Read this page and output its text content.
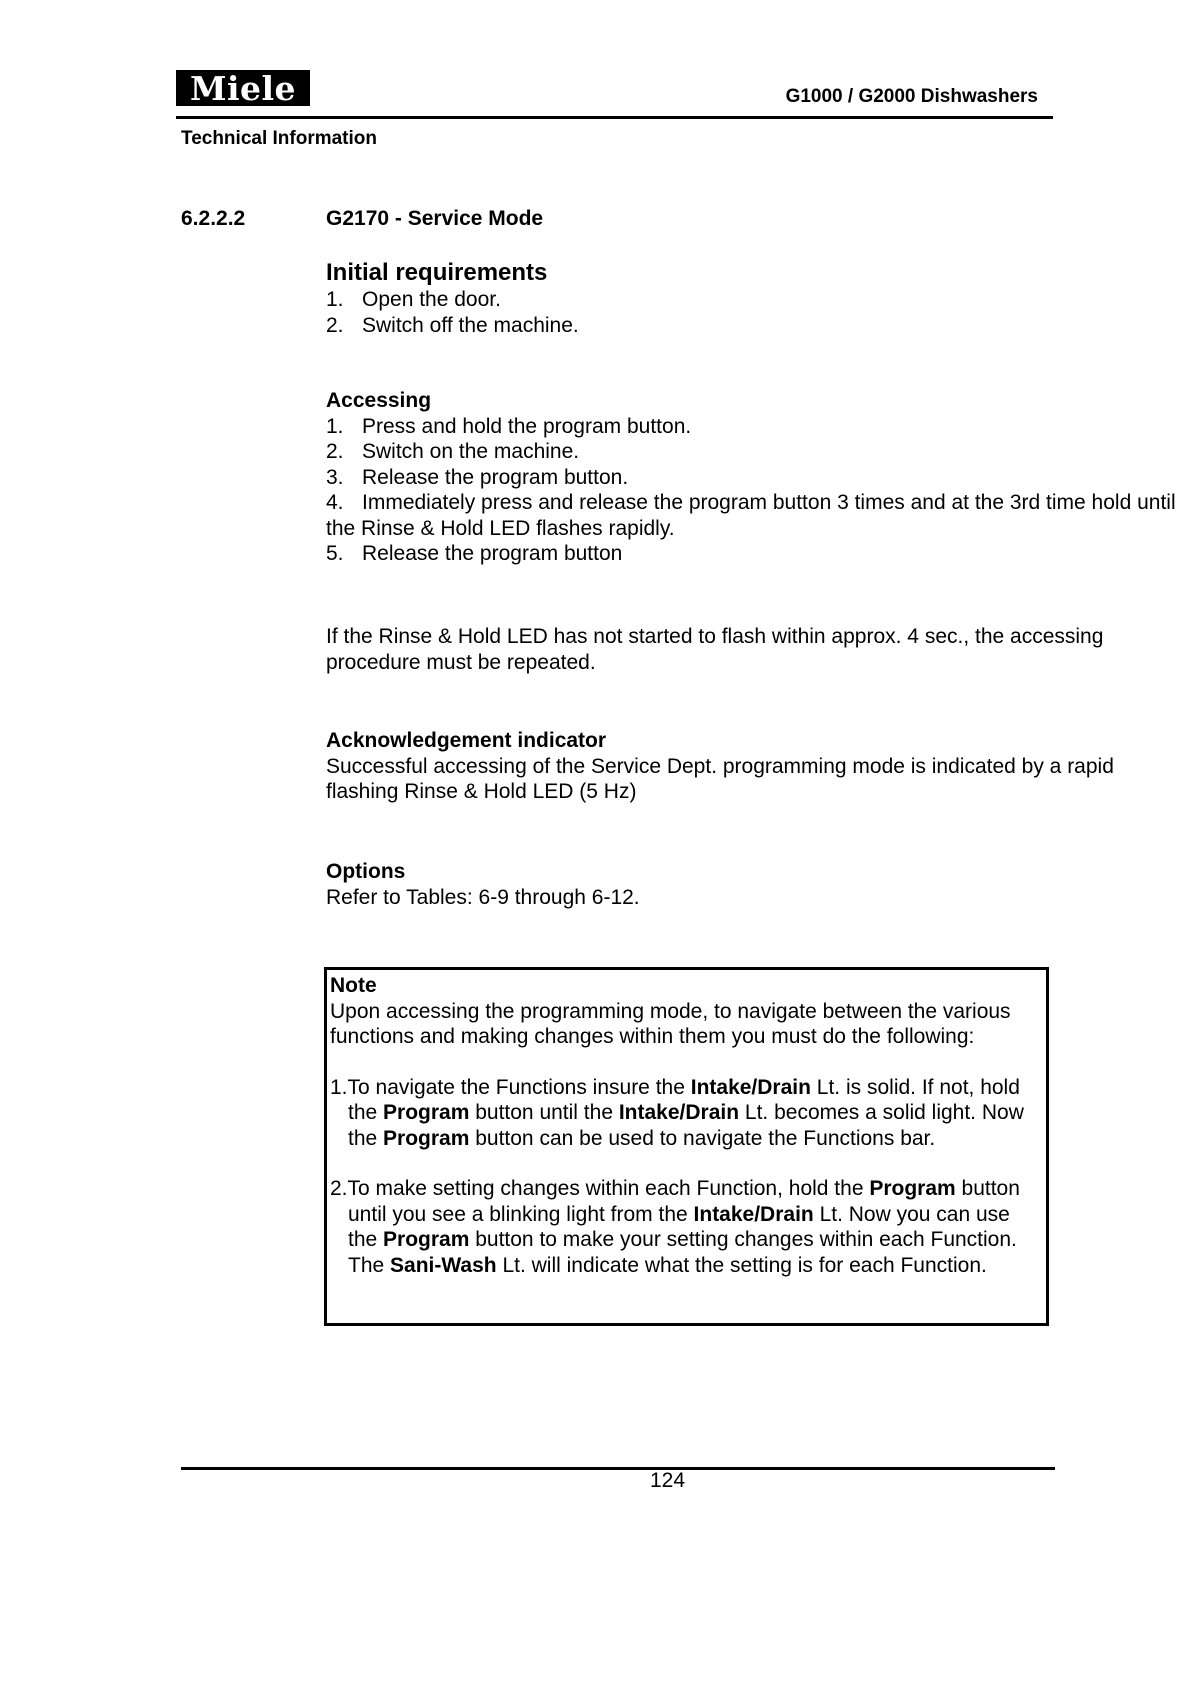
Miele	G1000 / G2000 Dishwashers
Technical Information
6.2.2.2	G2170 - Service Mode
Initial requirements
1. Open the door.
2. Switch off the machine.
Accessing
1. Press and hold the program button.
2. Switch on the machine.
3. Release the program button.
4. Immediately press and release the program button 3 times and at the 3rd time hold until the Rinse & Hold LED flashes rapidly.
5. Release the program button

If the Rinse & Hold LED has not started to flash within approx. 4 sec., the accessing procedure must be repeated.

Acknowledgement indicator

Successful accessing of the Service Dept. programming mode is indicated by a rapid flashing Rinse & Hold LED (5 Hz)

Options

Refer to Tables: 6-9 through 6-12.

Note
Upon accessing the programming mode, to navigate between the various functions and making changes within them you must do the following:
1.To navigate the Functions insure the Intake/Drain Lt. is solid. If not, hold the Program button until the Intake/Drain Lt. becomes a solid light. Now the Program button can be used to navigate the Functions bar.
2.To make setting changes within each Function, hold the Program button until you see a blinking light from the Intake/Drain Lt. Now you can use the Program button to make your setting changes within each Function. The Sani-Wash Lt. will indicate what the setting is for each Function.
124
